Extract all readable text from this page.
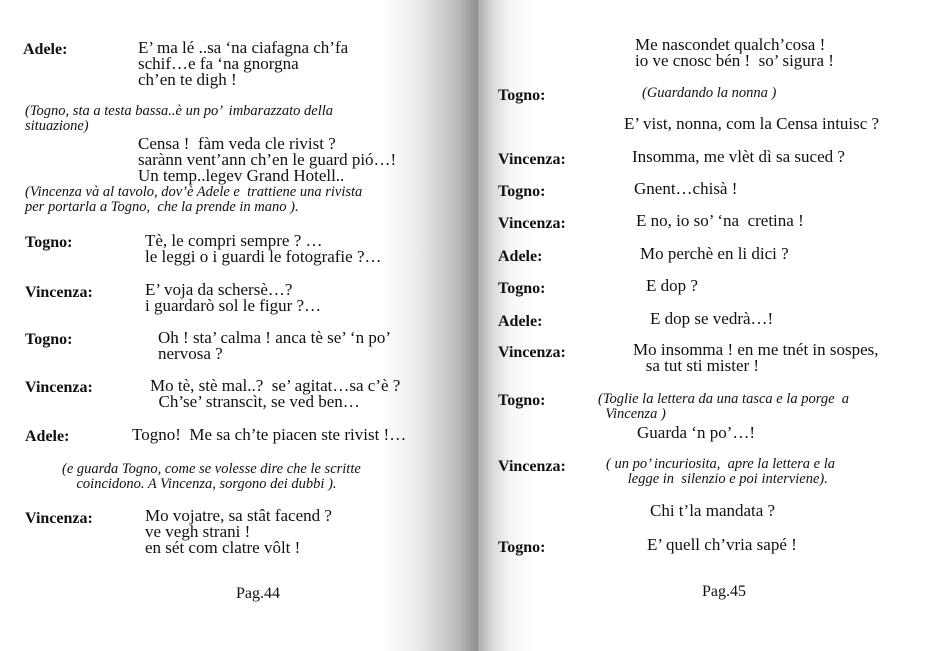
Adele:	E’ ma lé ..sa ‘na ciafagna ch’fa
schif…e fa ‘na gnorgna
ch’en te digh !
(Togno, sta a testa bassa..è un po’  imbarazzato della
situazione)
Censa !  fàm veda cle rivist ?
sarànn vent’ann ch’en le guard pió…!
Un temp..legev Grand Hotell..
(Vincenza và al tavolo, dov’è Adele e  trattiene una rivista
per portarla a Togno,  che la prende in mano ).
Togno:	Tè, le compri sempre ? …
le leggi o i guardi le fotografie ?…
Vincenza:	E’ voja da schersè…?
i guardarò sol le figur ?…
Togno:	Oh ! sta’ calma ! anca tè se’ ‘n po’
nervosa ?
Vincenza:	Mo tè, stè mal..?  se’ agitat…sa c’è ?
Ch’se’ stranscìt, se ved ben…
Adele:	Togno!  Me sa ch’te piacen ste rivist !…
(e guarda Togno, come se volesse dire che le scritte
coincidono. A Vincenza, sorgono dei dubbi ).
Vincenza:	Mo vojatre, sa stât facend ?
ve vegh strani !
en sét com clatre vôlt !
Pag.44
Me nascondet qualch’cosa !
io ve cnosc bén !  so’ sigura !
Togno:	(Guardando la nonna )
E’ vist, nonna, com la Censa intuisc ?
Vincenza:	Insomma, me vlèt dì sa suced ?
Togno:	Gnent…chisà !
Vincenza:	E no, io so’ ‘na  cretina !
Adele:	Mo perchè en li dici ?
Togno:	E dop ?
Adele:	E dop se vedrà…!
Vincenza:	Mo insomma ! en me tnét in sospes,
sa tut sti mister !
Togno:	(Toglie la lettera da una tasca e la porge  a
Vincenza )
Guarda ‘n po’…!
Vincenza:	( un po’ incuriosita,  apre la lettera e la
legge in  silenzio e poi interviene).
Chi t’la mandata ?
Togno:	E’ quell ch’vria sapé !
Pag.45
